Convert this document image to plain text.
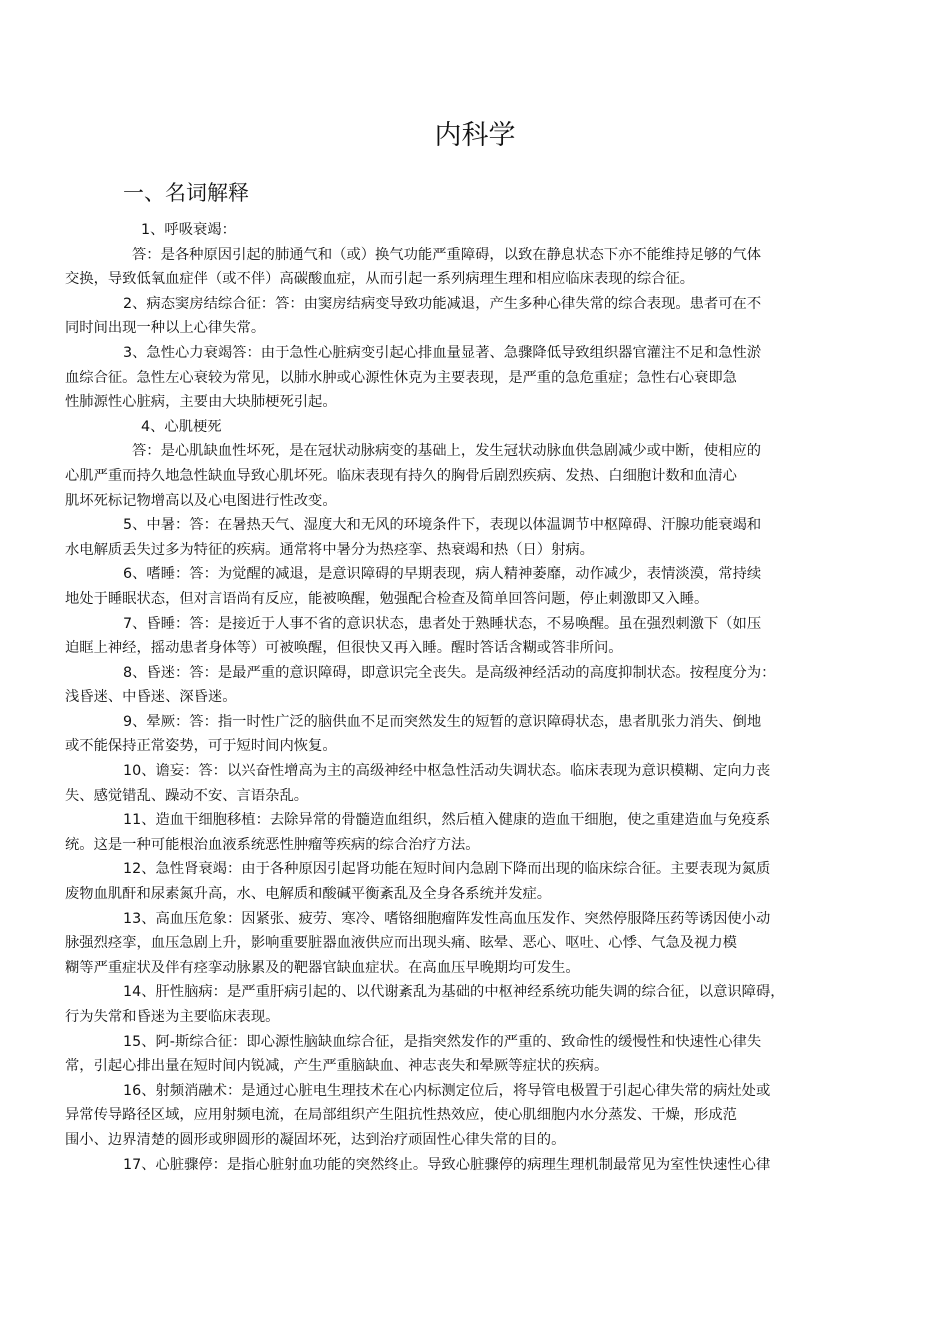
内科学
一、名词解释

1、呼吸衰竭：

答：是各种原因引起的肺通气和（或）换气功能严重障碍，以致在静息状态下亦不能维持足够的气体
交换，导致低氧血症伴（或不伴）高碳酸血症，从而引起一系列病理生理和相应临床表现的综合征。

2、病态窦房结综合征：答：由窦房结病变导致功能减退，产生多种心律失常的综合表现。患者可在不
同时间出现一种以上心律失常。

3、急性心力衰竭答：由于急性心脏病变引起心排血量显著、急骤降低导致组织器官灌注不足和急性淤
血综合征。急性左心衰较为常见，以肺水肿或心源性休克为主要表现，是严重的急危重症；急性右心衰即急
性肺源性心脏病，主要由大块肺梗死引起。

4、心肌梗死

答：是心肌缺血性坏死，是在冠状动脉病变的基础上，发生冠状动脉血供急剧减少或中断，使相应的
心肌严重而持久地急性缺血导致心肌坏死。临床表现有持久的胸骨后剧烈疾病、发热、白细胞计数和血清心
肌坏死标记物增高以及心电图进行性改变。

5、中暑：答：在暑热天气、湿度大和无风的环境条件下，表现以体温调节中枢障碍、汗腺功能衰竭和
水电解质丢失过多为特征的疾病。通常将中暑分为热痉挛、热衰竭和热（日）射病。

6、嗜睡：答：为觉醒的减退，是意识障碍的早期表现，病人精神萎靡，动作减少，表情淡漠，常持续
地处于睡眠状态，但对言语尚有反应，能被唤醒，勉强配合检查及简单回答问题，停止刺激即又入睡。

7、昏睡：答：是接近于人事不省的意识状态，患者处于熟睡状态，不易唤醒。虽在强烈刺激下（如压
迫眶上神经，摇动患者身体等）可被唤醒，但很快又再入睡。醒时答话含糊或答非所问。

8、昏迷：答：是最严重的意识障碍，即意识完全丧失。是高级神经活动的高度抑制状态。按程度分为：
浅昏迷、中昏迷、深昏迷。

9、晕厥：答：指一时性广泛的脑供血不足而突然发生的短暂的意识障碍状态，患者肌张力消失、倒地
或不能保持正常姿势，可于短时间内恢复。

10、谵妄：答：以兴奋性增高为主的高级神经中枢急性活动失调状态。临床表现为意识模糊、定向力丧
失、感觉错乱、躁动不安、言语杂乱。

11、造血干细胞移植：去除异常的骨髓造血组织，然后植入健康的造血干细胞，使之重建造血与免疫系
统。这是一种可能根治血液系统恶性肿瘤等疾病的综合治疗方法。

12、急性肾衰竭：由于各种原因引起肾功能在短时间内急剧下降而出现的临床综合征。主要表现为氮质
废物血肌酐和尿素氮升高，水、电解质和酸碱平衡紊乱及全身各系统并发症。

13、高血压危象：因紧张、疲劳、寒冷、嗜铬细胞瘤阵发性高血压发作、突然停服降压药等诱因使小动
脉强烈痉挛，血压急剧上升，影响重要脏器血液供应而出现头痛、眩晕、恶心、呕吐、心悸、气急及视力模
糊等严重症状及伴有痉挛动脉累及的靶器官缺血症状。在高血压早晚期均可发生。

14、肝性脑病：是严重肝病引起的、以代谢紊乱为基础的中枢神经系统功能失调的综合征，以意识障碍，
行为失常和昏迷为主要临床表现。

15、阿-斯综合征：即心源性脑缺血综合征，是指突然发作的严重的、致命性的缓慢性和快速性心律失
常，引起心排出量在短时间内锐减，产生严重脑缺血、神志丧失和晕厥等症状的疾病。

16、射频消融术：是通过心脏电生理技术在心内标测定位后，将导管电极置于引起心律失常的病灶处或
异常传导路径区域，应用射频电流，在局部组织产生阻抗性热效应，使心肌细胞内水分蒸发、干燥，形成范
围小、边界清楚的圆形或卵圆形的凝固坏死，达到治疗顽固性心律失常的目的。

17、心脏骤停：是指心脏射血功能的突然终止。导致心脏骤停的病理生理机制最常见为室性快速性心律
